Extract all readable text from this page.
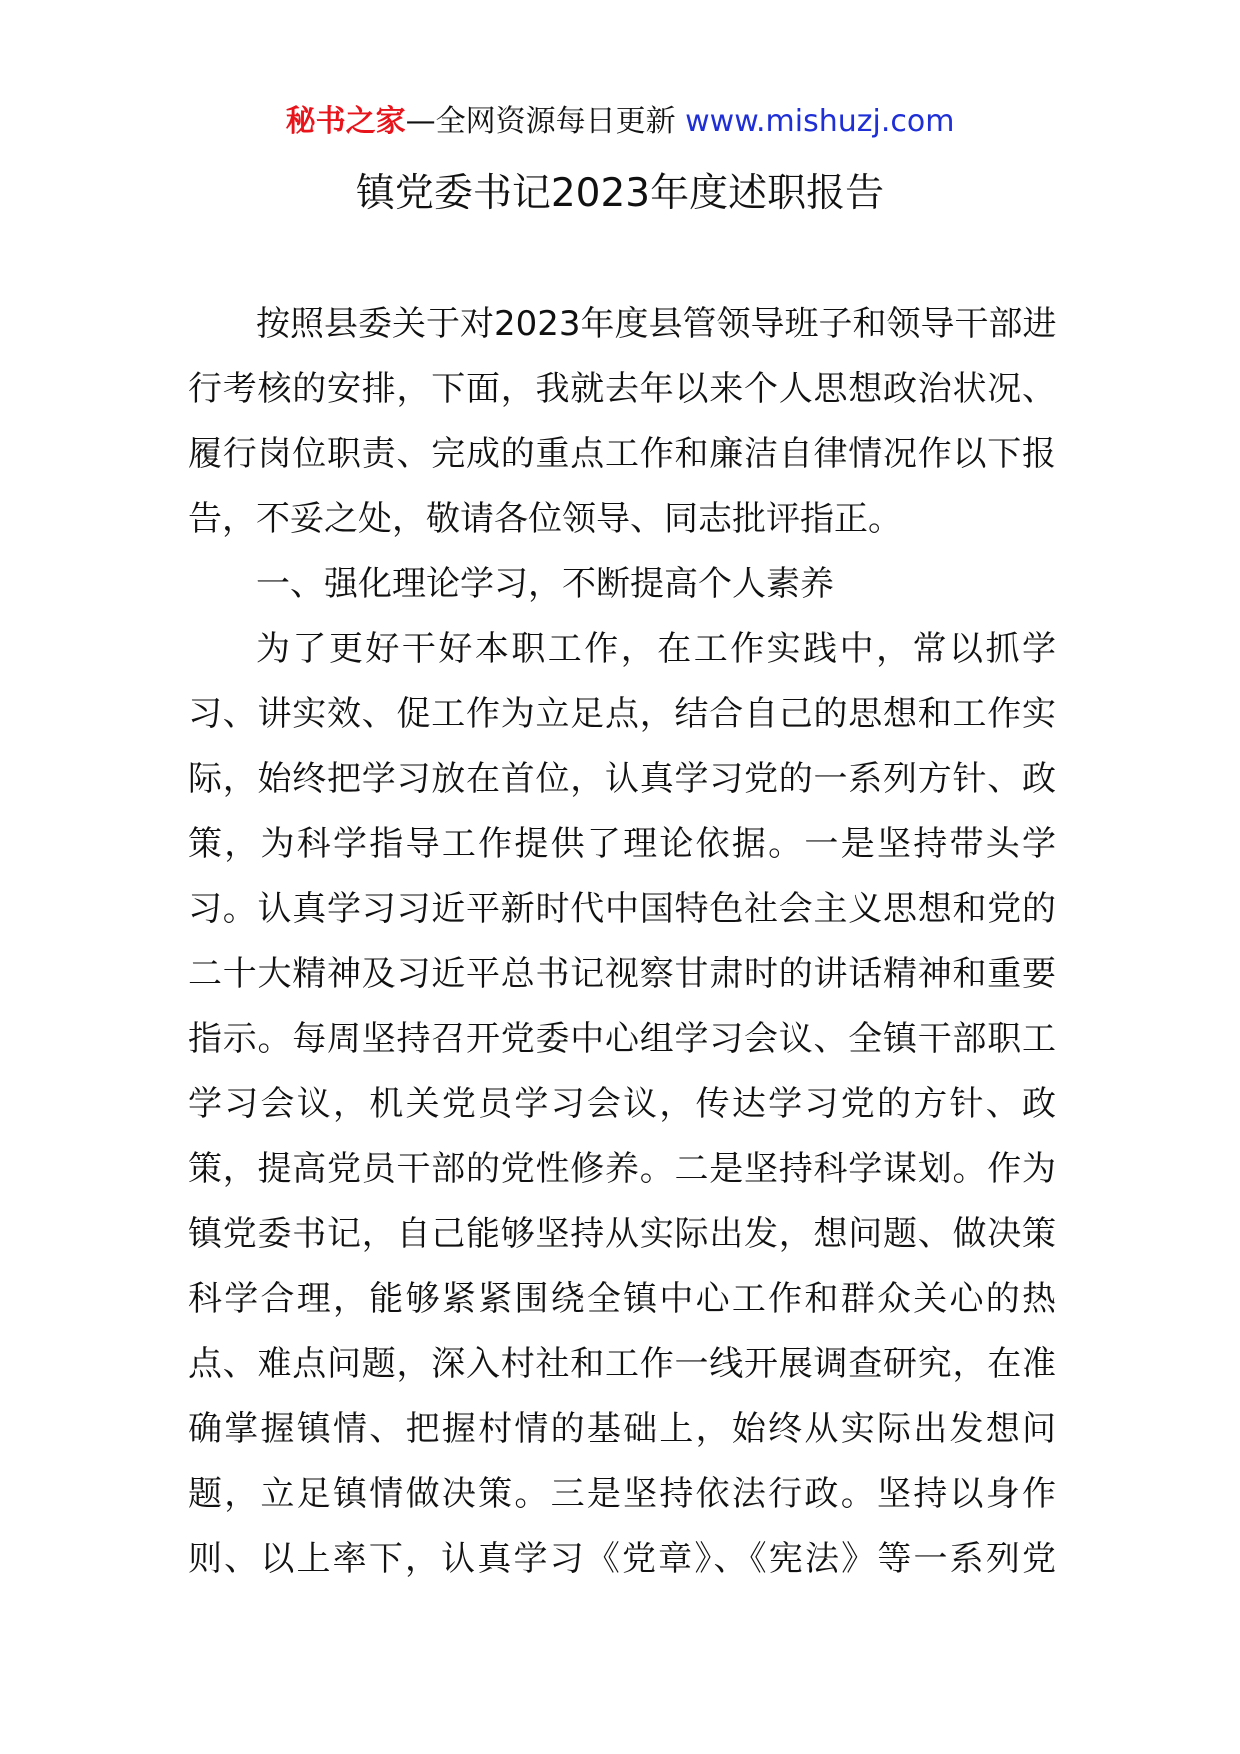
秘书之家—全网资源每日更新 www.mishuzj.com
镇党委书记2023年度述职报告
按照县委关于对2023年度县管领导班子和领导干部进
行考核的安排，下面，我就去年以来个人思想政治状况、
履行岗位职责、完成的重点工作和廉洁自律情况作以下报
告，不妥之处，敬请各位领导、同志批评指正。
一、强化理论学习，不断提高个人素养
为了更好干好本职工作，在工作实践中，常以抓学
习、讲实效、促工作为立足点，结合自己的思想和工作实
际，始终把学习放在首位，认真学习党的一系列方针、政
策，为科学指导工作提供了理论依据。一是坚持带头学
习。认真学习习近平新时代中国特色社会主义思想和党的
二十大精神及习近平总书记视察甘肃时的讲话精神和重要
指示。每周坚持召开党委中心组学习会议、全镇干部职工
学习会议，机关党员学习会议，传达学习党的方针、政
策，提高党员干部的党性修养。二是坚持科学谋划。作为
镇党委书记，自己能够坚持从实际出发，想问题、做决策
科学合理，能够紧紧围绕全镇中心工作和群众关心的热
点、难点问题，深入村社和工作一线开展调查研究，在准
确掌握镇情、把握村情的基础上，始终从实际出发想问
题，立足镇情做决策。三是坚持依法行政。坚持以身作
则、以上率下，认真学习《党章》、《宪法》等一系列党
